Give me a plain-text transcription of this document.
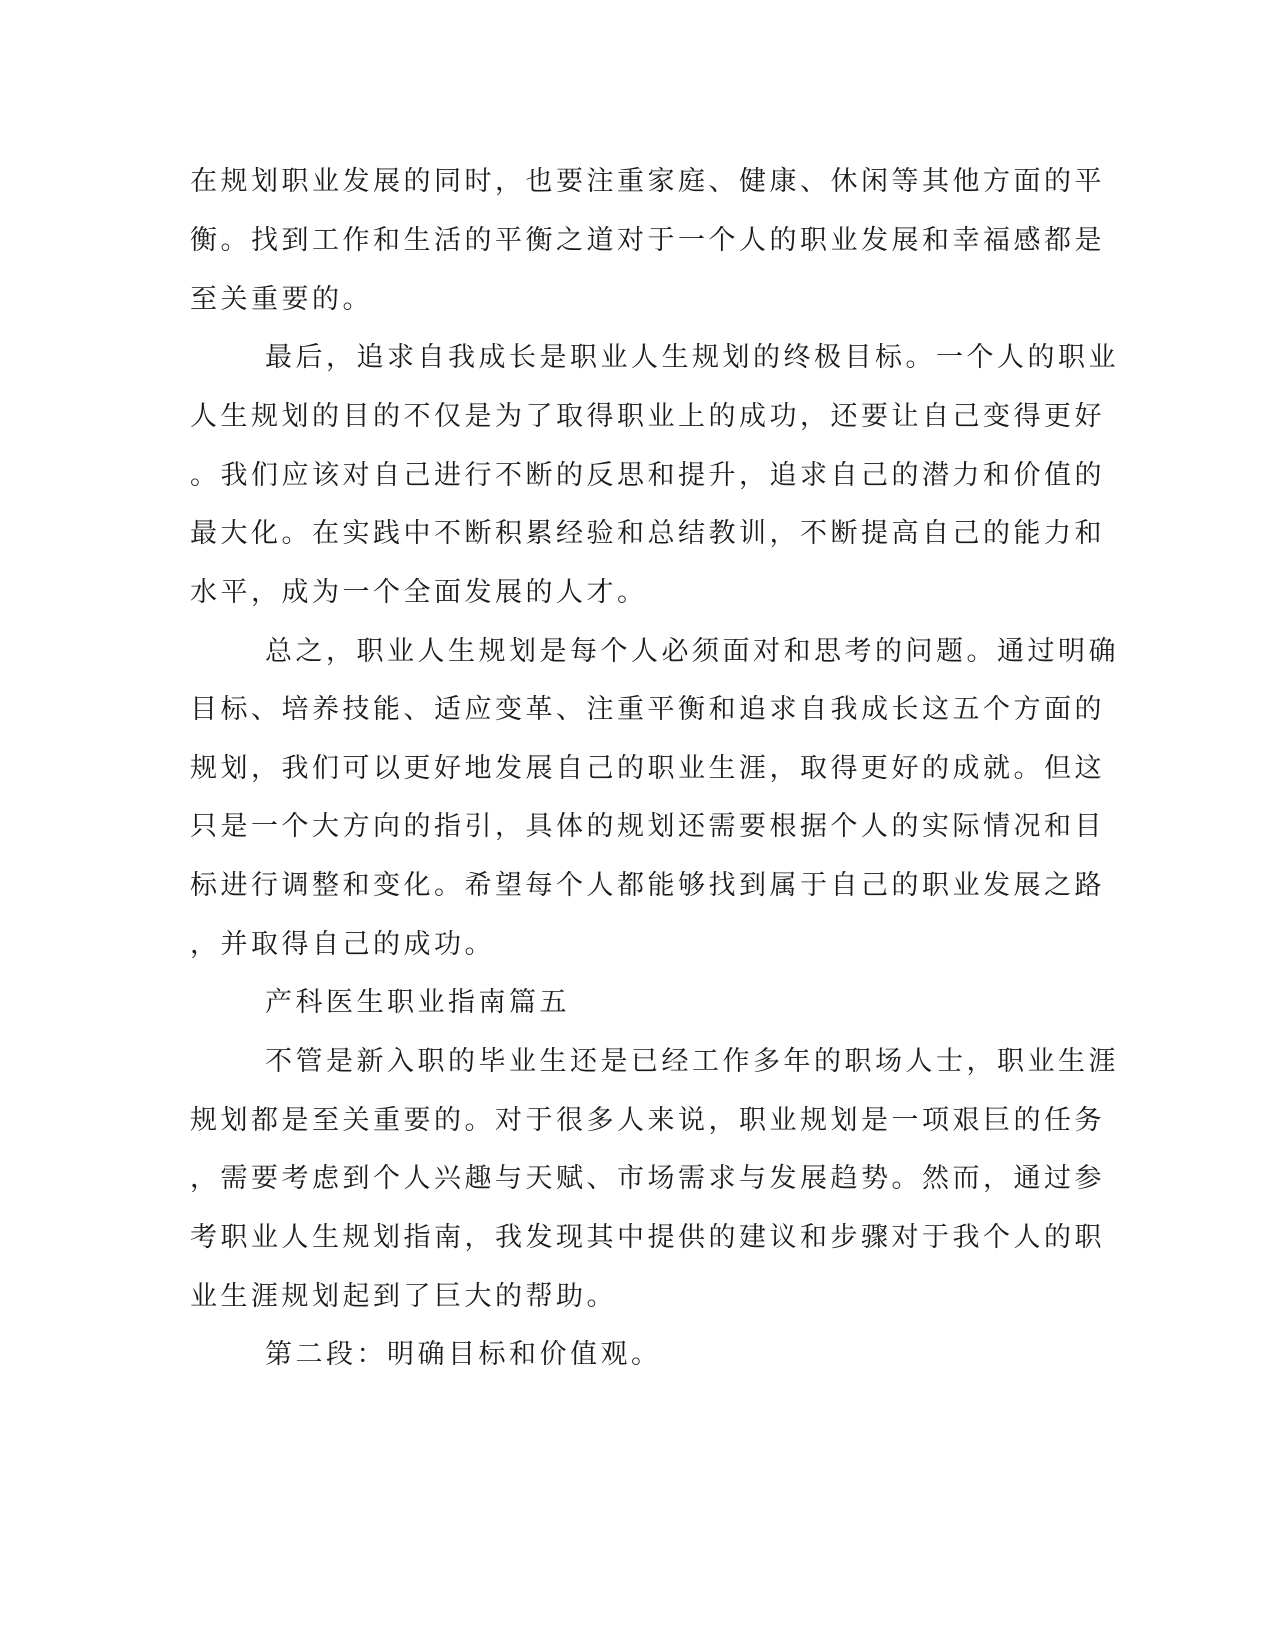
在规划职业发展的同时，也要注重家庭、健康、休闲等其他方面的平

衡。找到工作和生活的平衡之道对于一个人的职业发展和幸福感都是

至关重要的。

最后，追求自我成长是职业人生规划的终极目标。一个人的职业

人生规划的目的不仅是为了取得职业上的成功，还要让自己变得更好

。我们应该对自己进行不断的反思和提升，追求自己的潜力和价值的

最大化。在实践中不断积累经验和总结教训，不断提高自己的能力和

水平，成为一个全面发展的人才。

总之，职业人生规划是每个人必须面对和思考的问题。通过明确

目标、培养技能、适应变革、注重平衡和追求自我成长这五个方面的

规划，我们可以更好地发展自己的职业生涯，取得更好的成就。但这

只是一个大方向的指引，具体的规划还需要根据个人的实际情况和目

标进行调整和变化。希望每个人都能够找到属于自己的职业发展之路

，并取得自己的成功。

产科医生职业指南篇五

不管是新入职的毕业生还是已经工作多年的职场人士，职业生涯

规划都是至关重要的。对于很多人来说，职业规划是一项艰巨的任务

，需要考虑到个人兴趣与天赋、市场需求与发展趋势。然而，通过参

考职业人生规划指南，我发现其中提供的建议和步骤对于我个人的职

业生涯规划起到了巨大的帮助。

第二段：明确目标和价值观。
